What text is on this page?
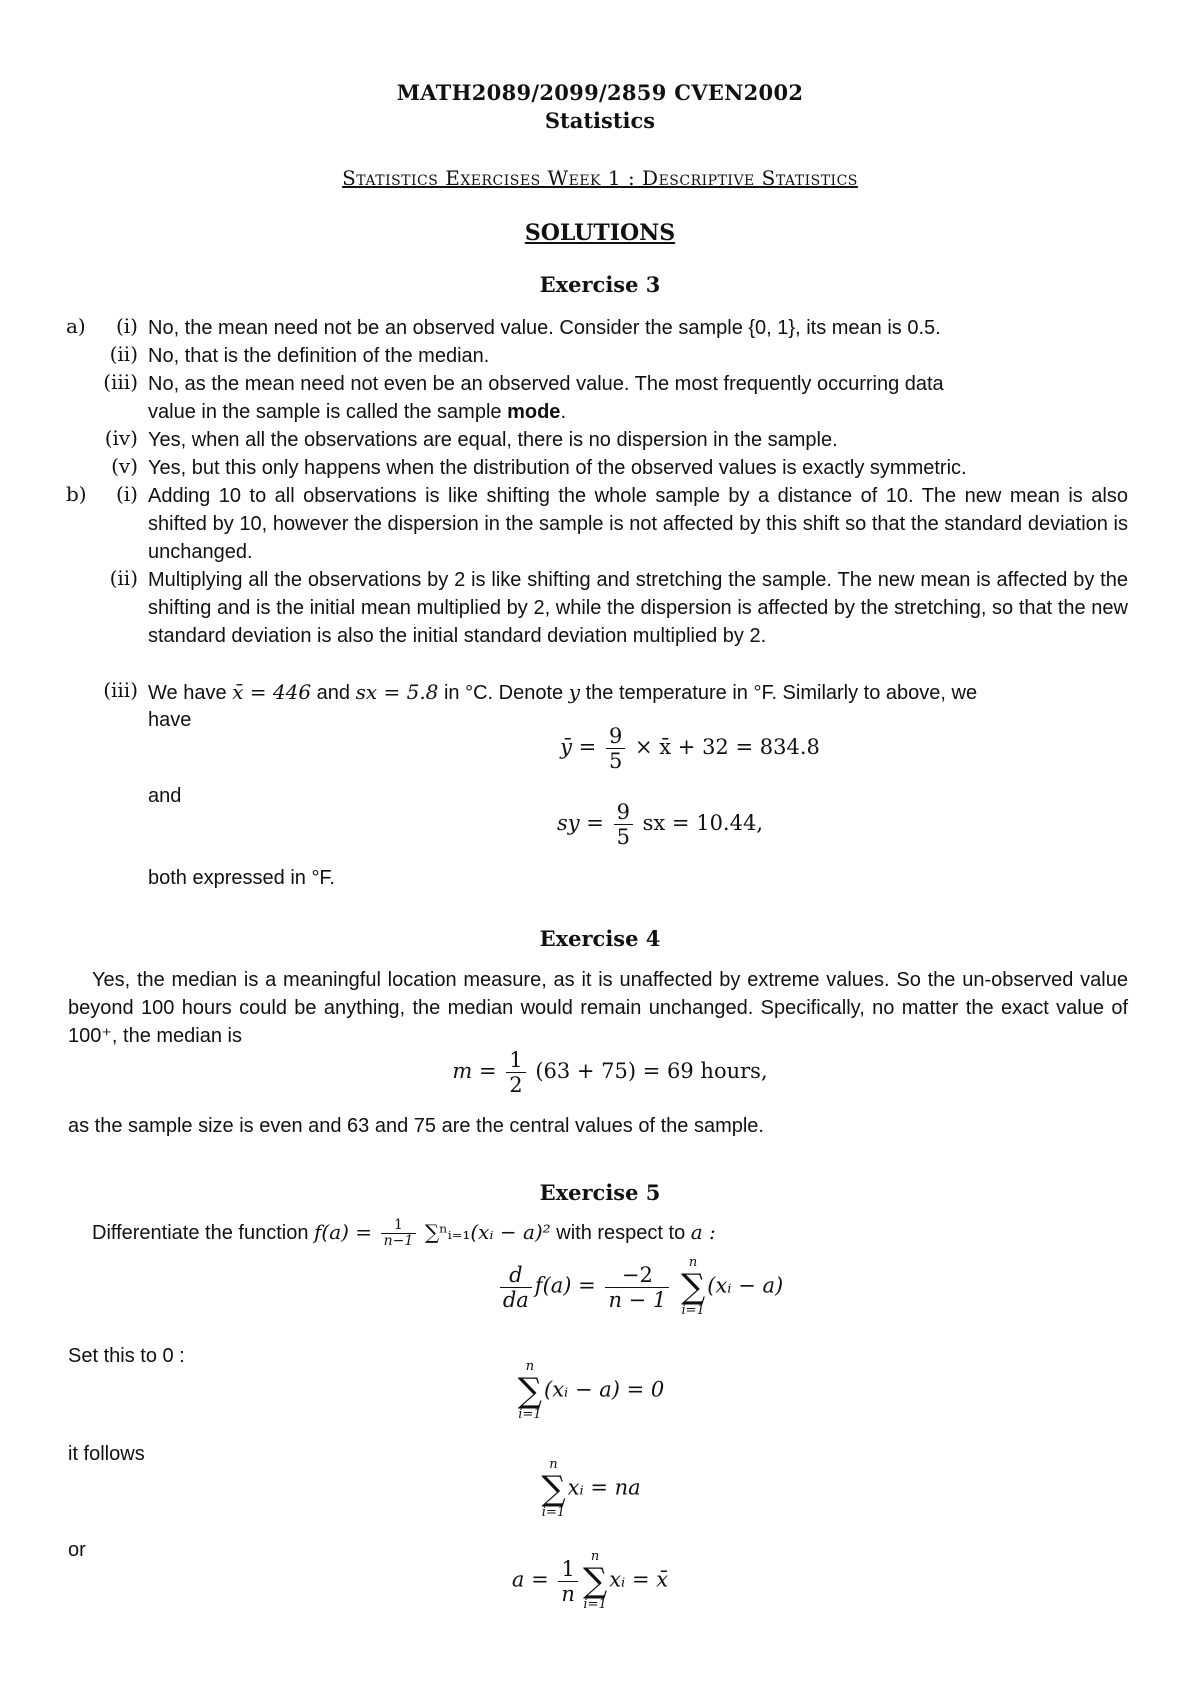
MATH2089/2099/2859 CVEN2002
Statistics
Statistics Exercises Week 1 : Descriptive Statistics
SOLUTIONS
Exercise 3
a)	(i) No, the mean need not be an observed value. Consider the sample {0, 1}, its mean is 0.5.
(ii) No, that is the definition of the median.
(iii) No, as the mean need not even be an observed value. The most frequently occurring data
value in the sample is called the sample mode.
(iv) Yes, when all the observations are equal, there is no dispersion in the sample.
(v) Yes, but this only happens when the distribution of the observed values is exactly symmetric.
b)	(i) Adding 10 to all observations is like shifting the whole sample by a distance of 10. The new mean is also shifted by 10, however the dispersion in the sample is not affected by this shift so that the standard deviation is unchanged.
(ii) Multiplying all the observations by 2 is like shifting and stretching the sample. The new mean is affected by the shifting and is the initial mean multiplied by 2, while the dispersion is affected by the stretching, so that the new standard deviation is also the initial standard deviation multiplied by 2.
(iii) We have x̄ = 446 and sx = 5.8 in °C. Denote y the temperature in °F. Similarly to above, we
have
ȳ = $\frac{9}{5}$ × x̄ + 32 = 834.8
and
sy = $\frac{9}{5}$ sx = 10.44,
both expressed in °F.
Exercise 4
Yes, the median is a meaningful location measure, as it is unaffected by extreme values. So the un-observed value beyond 100 hours could be anything, the median would remain unchanged. Specifically, no matter the exact value of 100⁺, the median is
$m = \frac{1}{2} (63 + 75) = 69$ hours,
as the sample size is even and 63 and 75 are the central values of the sample.
Exercise 5
Differentiate the function $f(a) = \frac{1}{n-1}$ ∑ⁿᵢ₌₁(xᵢ − a)² with respect to a :
$\frac{d}{da} f(a) = \frac{-2}{n - 1}$
	n
∑
i=1
(xᵢ − a)
Set this to 0 :	n
∑
i=1
(xᵢ − a) = 0
it follows	n
∑
i=1
xᵢ = na
or
$a = \frac{1}{n}$ n
∑
i=1
xᵢ = x̄
